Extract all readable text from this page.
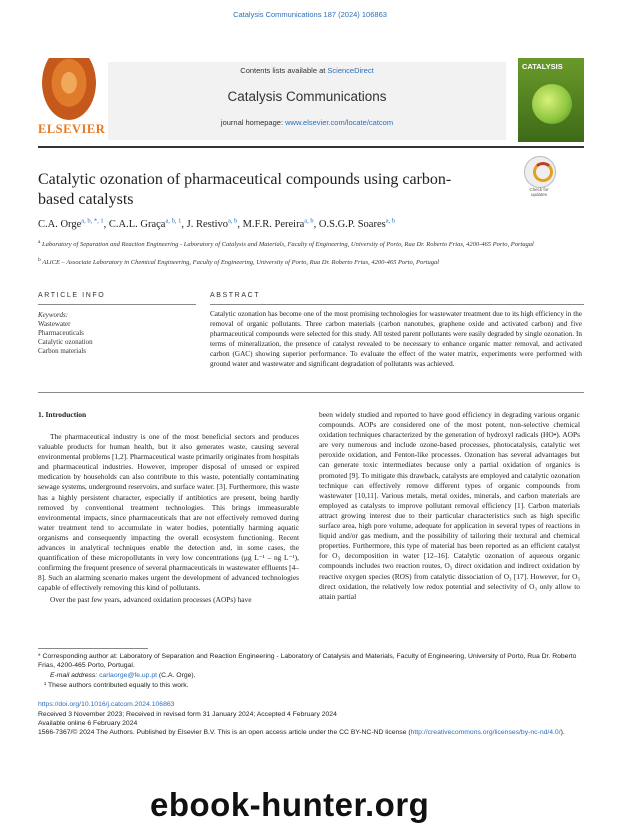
Catalysis Communications 187 (2024) 106863
ELSEVIER
Contents lists available at ScienceDirect
Catalysis Communications
journal homepage: www.elsevier.com/locate/catcom
CATALYSIS
Check for updates
Catalytic ozonation of pharmaceutical compounds using carbon-based catalysts
C.A. Orge$^{a, b, *, 1}$, C.A.L. Graça$^{a, b, 1}$, J. Restivo$^{a, b}$, M.F.R. Pereira$^{a, b}$, O.S.G.P. Soares$^{a, b}$
$^a$ Laboratory of Separation and Reaction Engineering - Laboratory of Catalysis and Materials, Faculty of Engineering, University of Porto, Rua Dr. Roberto Frias, 4200-465 Porto, Portugal
$^b$ ALiCE – Associate Laboratory in Chemical Engineering, Faculty of Engineering, University of Porto, Rua Dr. Roberto Frias, 4200-465 Porto, Portugal
ARTICLE INFO	ABSTRACT
Keywords:
Wastewater
Pharmaceuticals
Catalytic ozonation
Carbon materials
Catalytic ozonation has become one of the most promising technologies for wastewater treatment due to its high efficiency in the removal of organic pollutants. Three carbon materials (carbon nanotubes, graphene oxide and activated carbon) and five pharmaceutical compounds were selected for this study. All tested parent pollutants were easily degraded by single ozonation. In terms of mineralization, the presence of catalyst revealed to be necessary to enhance organic matter removal, and activated carbon (GAC) showing superior performance. To evaluate the effect of the water matrix, experiments were performed with ground water and wastewater and significant degradation of pollutants was achieved.
1. Introduction

The pharmaceutical industry is one of the most beneficial sectors and produces valuable products for human health, but it also generates waste, causing several environmental problems [1,2]. Pharmaceutical waste primarily originates from hospitals and pharmaceutical industries. However, improper disposal of unused or expired medication by households can also contribute to this waste, potentially contaminating sewage systems, underground reservoirs, and surface water. [3]. Furthermore, this waste has a highly persistent character, especially if antibiotics are present, being hardly removed by conventional treatment technologies. This brings immeasurable environmental impacts, since pharmaceuticals that are not effectively removed during water treatment tend to accumulate in water bodies, potentially harming aquatic organisms and consequently impacting the overall ecosystem functioning. Recent advances in analytical techniques enable the detection and, in some cases, the quantification of these micropollutants in very low concentrations (μg L⁻¹ – ng L⁻¹), confirming the frequent presence of several pharmaceuticals in wastewater effluents [4–8]. Such an alarming scenario makes urgent the development of advanced technologies capable of effectively removing this kind of pollutants.

Over the past few years, advanced oxidation processes (AOPs) have

been widely studied and reported to have good efficiency in degrading various organic compounds. AOPs are considered one of the most potent, non-selective chemical oxidation techniques characterized by the generation of hydroxyl radicals (HO•). AOPs are very numerous and include ozone-based processes, photocatalysis, catalytic wet peroxide oxidation, and Fenton-like processes. Ozonation has several advantages but can generate toxic intermediates because only a partial oxidation of organics is promoted [9]. To mitigate this drawback, catalysts are employed and catalytic ozonation technique can effectively remove different types of organic compounds from wastewater [10,11]. Various metals, metal oxides, minerals, and carbon materials are employed as catalysts to improve pollutant removal efficiency [1]. Carbon materials attract growing interest due to their particular characteristics such as high specific surface area, high pore volume, adequate for application in several types of reactions in liquid and/or gas medium, and the possibility of tailoring their textural and chemical properties. Furthermore, this type of material has been reported as an efficient catalyst for O₃ decomposition in water [12–16]. Catalytic ozonation of aqueous organic compounds includes two reaction routes, O₃ direct oxidation and indirect oxidation by reactive oxygen species (ROS) from catalytic dissociation of O₃ [17]. However, for O₃ direct oxidation, the relatively low redox potential and selectivity of O₃ only allow to attain partial

* Corresponding author at: Laboratory of Separation and Reaction Engineering - Laboratory of Catalysis and Materials, Faculty of Engineering, University of Porto, Rua Dr. Roberto Frias, 4200-465 Porto, Portugal.
E-mail address: carlaorge@fe.up.pt (C.A. Orge).
¹ These authors contributed equally to this work.
https://doi.org/10.1016/j.catcom.2024.106863
Received 3 November 2023; Received in revised form 31 January 2024; Accepted 4 February 2024
Available online 6 February 2024
1566-7367/© 2024 The Authors. Published by Elsevier B.V. This is an open access article under the CC BY-NC-ND license (http://creativecommons.org/licenses/by-nc-nd/4.0/).
ebook-hunter.org
